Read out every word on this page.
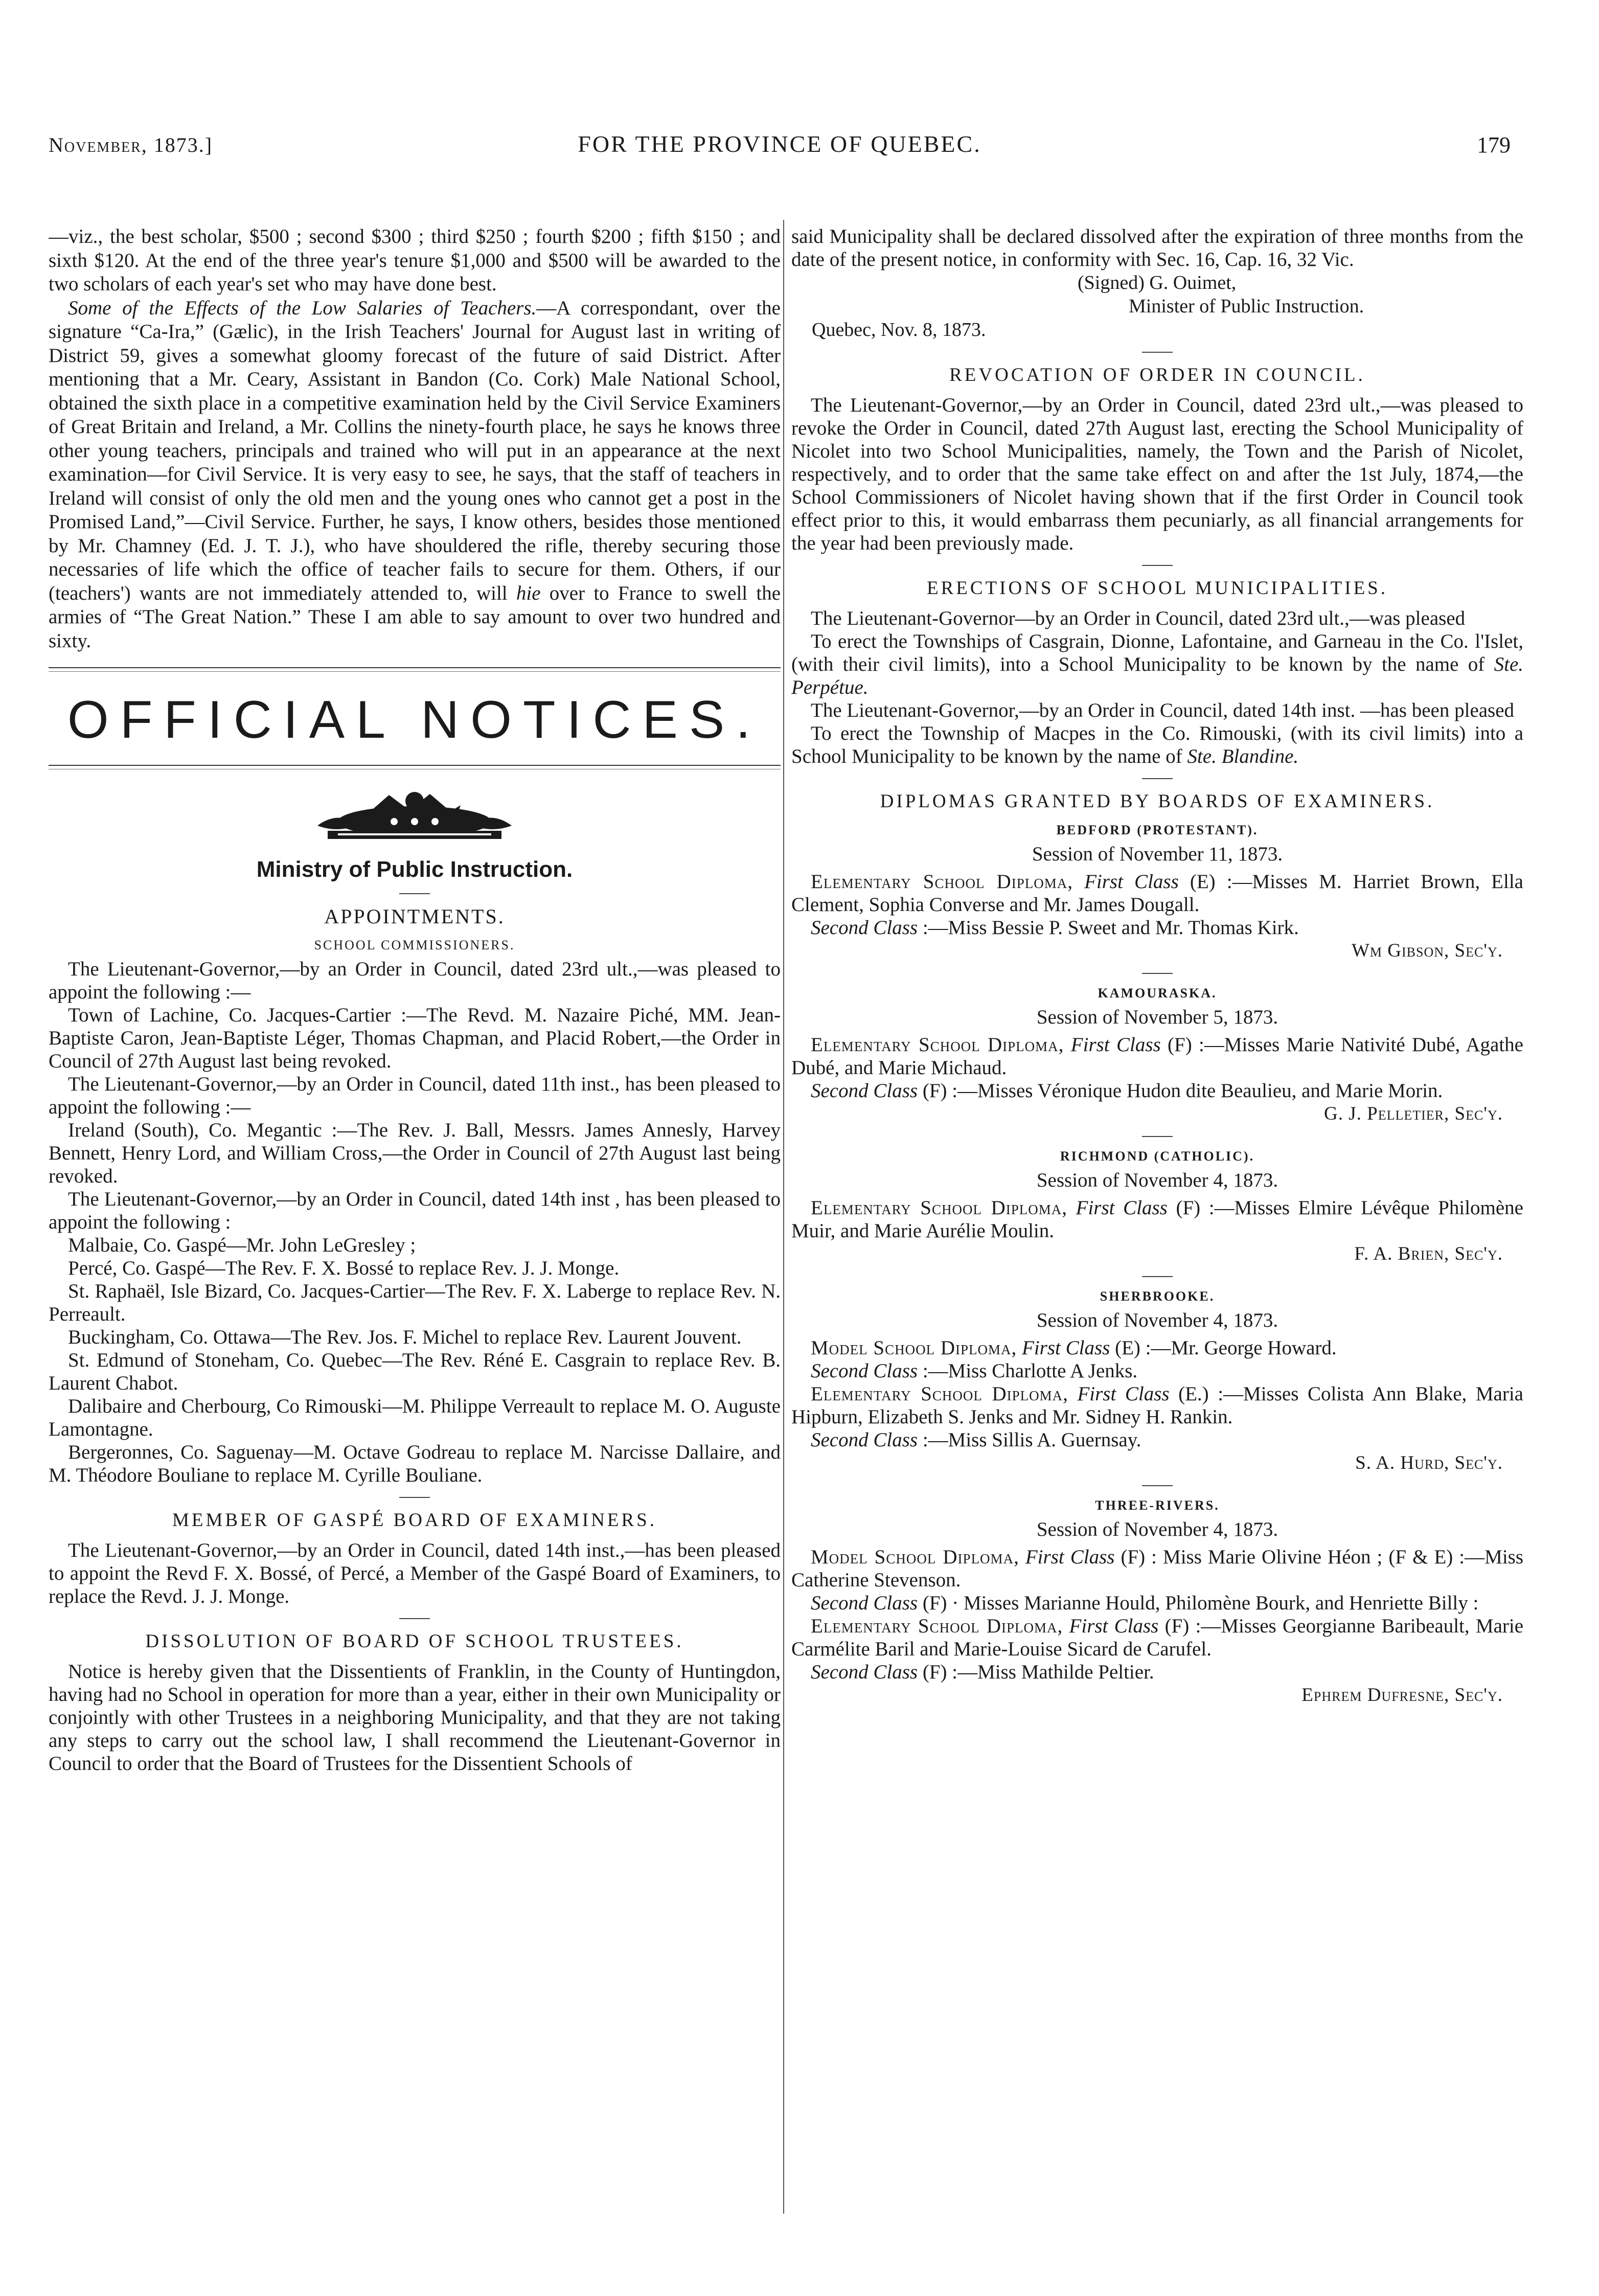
November, 1873.]	FOR THE PROVINCE OF QUEBEC.	179

—viz., the best scholar, $500 ; second $300 ; third $250 ; fourth $200 ; fifth $150 ; and sixth $120. At the end of the three year's tenure $1,000 and $500 will be awarded to the two scholars of each year's set who may have done best.

Some of the Effects of the Low Salaries of Teachers.—A correspondant, over the signature “Ca-Ira,” (Gælic), in the Irish Teachers' Journal for August last in writing of District 59, gives a somewhat gloomy forecast of the future of said District. After mentioning that a Mr. Ceary, Assistant in Bandon (Co. Cork) Male National School, obtained the sixth place in a competitive examination held by the Civil Service Examiners of Great Britain and Ireland, a Mr. Collins the ninety-fourth place, he says he knows three other young teachers, principals and trained who will put in an appearance at the next examination—for Civil Service. It is very easy to see, he says, that the staff of teachers in Ireland will consist of only the old men and the young ones who cannot get a post in the Promised Land,”—Civil Service. Further, he says, I know others, besides those mentioned by Mr. Chamney (Ed. J. T. J.), who have shouldered the rifle, thereby securing those necessaries of life which the office of teacher fails to secure for them. Others, if our (teachers') wants are not immediately attended to, will hie over to France to swell the armies of “The Great Nation.” These I am able to say amount to over two hundred and sixty.

OFFICIAL NOTICES.
Ministry of Public Instruction.
APPOINTMENTS.
SCHOOL COMMISSIONERS.

The Lieutenant-Governor,—by an Order in Council, dated 23rd ult.,—was pleased to appoint the following :—

Town of Lachine, Co. Jacques-Cartier :—The Revd. M. Nazaire Piché, MM. Jean-Baptiste Caron, Jean-Baptiste Léger, Thomas Chapman, and Placid Robert,—the Order in Council of 27th August last being revoked.

The Lieutenant-Governor,—by an Order in Council, dated 11th inst., has been pleased to appoint the following :—

Ireland (South), Co. Megantic :—The Rev. J. Ball, Messrs. James Annesly, Harvey Bennett, Henry Lord, and William Cross,—the Order in Council of 27th August last being revoked.

The Lieutenant-Governor,—by an Order in Council, dated 14th inst , has been pleased to appoint the following :

Malbaie, Co. Gaspé—Mr. John LeGresley ;

Percé, Co. Gaspé—The Rev. F. X. Bossé to replace Rev. J. J. Monge.

St. Raphaël, Isle Bizard, Co. Jacques-Cartier—The Rev. F. X. Laberge to replace Rev. N. Perreault.

Buckingham, Co. Ottawa—The Rev. Jos. F. Michel to replace Rev. Laurent Jouvent.

St. Edmund of Stoneham, Co. Quebec—The Rev. Réné E. Casgrain to replace Rev. B. Laurent Chabot.

Dalibaire and Cherbourg, Co Rimouski—M. Philippe Verreault to replace M. O. Auguste Lamontagne.

Bergeronnes, Co. Saguenay—M. Octave Godreau to replace M. Narcisse Dallaire, and M. Théodore Bouliane to replace M. Cyrille Bouliane.

MEMBER OF GASPÉ BOARD OF EXAMINERS.

The Lieutenant-Governor,—by an Order in Council, dated 14th inst.,—has been pleased to appoint the Revd F. X. Bossé, of Percé, a Member of the Gaspé Board of Examiners, to replace the Revd. J. J. Monge.

DISSOLUTION OF BOARD OF SCHOOL TRUSTEES.

Notice is hereby given that the Dissentients of Franklin, in the County of Huntingdon, having had no School in operation for more than a year, either in their own Municipality or conjointly with other Trustees in a neighboring Municipality, and that they are not taking any steps to carry out the school law, I shall recommend the Lieutenant-Governor in Council to order that the Board of Trustees for the Dissentient Schools of

said Municipality shall be declared dissolved after the expiration of three months from the date of the present notice, in conformity with Sec. 16, Cap. 16, 32 Vic.

(Signed) G. Ouimet,
Minister of Public Instruction.
Quebec, Nov. 8, 1873.
REVOCATION OF ORDER IN COUNCIL.

The Lieutenant-Governor,—by an Order in Council, dated 23rd ult.,—was pleased to revoke the Order in Council, dated 27th August last, erecting the School Municipality of Nicolet into two School Municipalities, namely, the Town and the Parish of Nicolet, respectively, and to order that the same take effect on and after the 1st July, 1874,—the School Commissioners of Nicolet having shown that if the first Order in Council took effect prior to this, it would embarrass them pecuniarly, as all financial arrangements for the year had been previously made.

ERECTIONS OF SCHOOL MUNICIPALITIES.

The Lieutenant-Governor—by an Order in Council, dated 23rd ult.,—was pleased

To erect the Townships of Casgrain, Dionne, Lafontaine, and Garneau in the Co. l'Islet, (with their civil limits), into a School Municipality to be known by the name of Ste. Perpétue.

The Lieutenant-Governor,—by an Order in Council, dated 14th inst. —has been pleased

To erect the Township of Macpes in the Co. Rimouski, (with its civil limits) into a School Municipality to be known by the name of Ste. Blandine.

DIPLOMAS GRANTED BY BOARDS OF EXAMINERS.
BEDFORD (PROTESTANT).
Session of November 11, 1873.

Elementary School Diploma, First Class (E) :—Misses M. Harriet Brown, Ella Clement, Sophia Converse and Mr. James Dougall.

Second Class :—Miss Bessie P. Sweet and Mr. Thomas Kirk.

Wm Gibson, Sec'y.
KAMOURASKA.
Session of November 5, 1873.

Elementary School Diploma, First Class (F) :—Misses Marie Nativité Dubé, Agathe Dubé, and Marie Michaud.

Second Class (F) :—Misses Véronique Hudon dite Beaulieu, and Marie Morin.

G. J. Pelletier, Sec'y.
RICHMOND (CATHOLIC).
Session of November 4, 1873.

Elementary School Diploma, First Class (F) :—Misses Elmire Lévêque Philomène Muir, and Marie Aurélie Moulin.

F. A. Brien, Sec'y.
SHERBROOKE.
Session of November 4, 1873.

Model School Diploma, First Class (E) :—Mr. George Howard.

Second Class :—Miss Charlotte A Jenks.

Elementary School Diploma, First Class (E.) :—Misses Colista Ann Blake, Maria Hipburn, Elizabeth S. Jenks and Mr. Sidney H. Rankin.

Second Class :—Miss Sillis A. Guernsay.

S. A. Hurd, Sec'y.
THREE-RIVERS.
Session of November 4, 1873.

Model School Diploma, First Class (F) : Miss Marie Olivine Héon ; (F & E) :—Miss Catherine Stevenson.

Second Class (F) · Misses Marianne Hould, Philomène Bourk, and Henriette Billy :

Elementary School Diploma, First Class (F) :—Misses Georgianne Baribeault, Marie Carmélite Baril and Marie-Louise Sicard de Carufel.

Second Class (F) :—Miss Mathilde Peltier.

Ephrem Dufresne, Sec'y.
